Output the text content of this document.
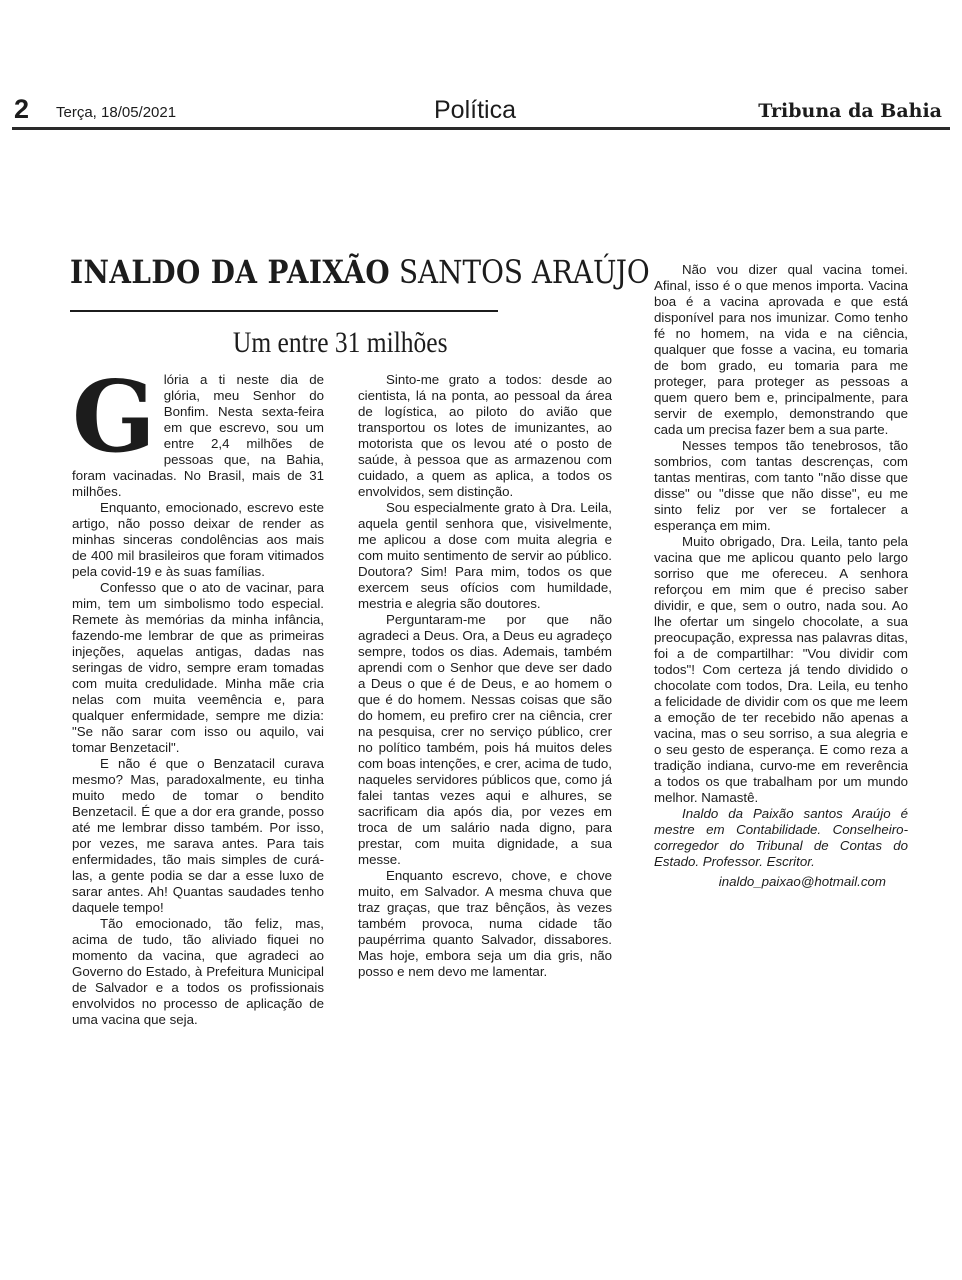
2 Terça, 18/05/2021	Política	Tribuna da Bahia
INALDO DA PAIXÃO SANTOS ARAÚJO
Um entre 31 milhões

Glória a ti neste dia de glória, meu Senhor do Bonfim. Nesta sexta-feira em que escrevo, sou um entre 2,4 milhões de pessoas que, na Bahia, foram vacinadas. No Brasil, mais de 31 milhões.

Enquanto, emocionado, escrevo este artigo, não posso deixar de render as minhas sinceras condolências aos mais de 400 mil brasileiros que foram vitimados pela covid-19 e às suas famílias.

Confesso que o ato de vacinar, para mim, tem um simbolismo todo especial. Remete às memórias da minha infância, fazendo-me lembrar de que as primeiras injeções, aquelas antigas, dadas nas seringas de vidro, sempre eram tomadas com muita credulidade. Minha mãe cria nelas com muita veemência e, para qualquer enfermidade, sempre me dizia: "Se não sarar com isso ou aquilo, vai tomar Benzetacil".

E não é que o Benzatacil curava mesmo? Mas, paradoxalmente, eu tinha muito medo de tomar o bendito Benzetacil. É que a dor era grande, posso até me lembrar disso também. Por isso, por vezes, me sarava antes. Para tais enfermidades, tão mais simples de curá-las, a gente podia se dar a esse luxo de sarar antes. Ah! Quantas saudades tenho daquele tempo!

Tão emocionado, tão feliz, mas, acima de tudo, tão aliviado fiquei no momento da vacina, que agradeci ao Governo do Estado, à Prefeitura Municipal de Salvador e a todos os profissionais envolvidos no processo de aplicação de uma vacina que seja.

Sinto-me grato a todos: desde ao cientista, lá na ponta, ao pessoal da área de logística, ao piloto do avião que transportou os lotes de imunizantes, ao motorista que os levou até o posto de saúde, à pessoa que as armazenou com cuidado, a quem as aplica, a todos os envolvidos, sem distinção.

Sou especialmente grato à Dra. Leila, aquela gentil senhora que, visivelmente, me aplicou a dose com muita alegria e com muito sentimento de servir ao público. Doutora? Sim! Para mim, todos os que exercem seus ofícios com humildade, mestria e alegria são doutores.

Perguntaram-me por que não agradeci a Deus. Ora, a Deus eu agradeço sempre, todos os dias. Ademais, também aprendi com o Senhor que deve ser dado a Deus o que é de Deus, e ao homem o que é do homem. Nessas coisas que são do homem, eu prefiro crer na ciência, crer na pesquisa, crer no serviço público, crer no político também, pois há muitos deles com boas intenções, e crer, acima de tudo, naqueles servidores públicos que, como já falei tantas vezes aqui e alhures, se sacrificam dia após dia, por vezes em troca de um salário nada digno, para prestar, com muita dignidade, a sua messe.

Enquanto escrevo, chove, e chove muito, em Salvador. A mesma chuva que traz graças, que traz bênçãos, às vezes também provoca, numa cidade tão paupérrima quanto Salvador, dissabores. Mas hoje, embora seja um dia gris, não posso e nem devo me lamentar.

Não vou dizer qual vacina tomei. Afinal, isso é o que menos importa. Vacina boa é a vacina aprovada e que está disponível para nos imunizar. Como tenho fé no homem, na vida e na ciência, qualquer que fosse a vacina, eu tomaria de bom grado, eu tomaria para me proteger, para proteger as pessoas a quem quero bem e, principalmente, para servir de exemplo, demonstrando que cada um precisa fazer bem a sua parte.

Nesses tempos tão tenebrosos, tão sombrios, com tantas descrenças, com tantas mentiras, com tanto "não disse que disse" ou "disse que não disse", eu me sinto feliz por ver se fortalecer a esperança em mim.

Muito obrigado, Dra. Leila, tanto pela vacina que me aplicou quanto pelo largo sorriso que me ofereceu. A senhora reforçou em mim que é preciso saber dividir, e que, sem o outro, nada sou. Ao lhe ofertar um singelo chocolate, a sua preocupação, expressa nas palavras ditas, foi a de compartilhar: "Vou dividir com todos"! Com certeza já tendo dividido o chocolate com todos, Dra. Leila, eu tenho a felicidade de dividir com os que me leem a emoção de ter recebido não apenas a vacina, mas o seu sorriso, a sua alegria e o seu gesto de esperança. E como reza a tradição indiana, curvo-me em reverência a todos os que trabalham por um mundo melhor. Namastê.

Inaldo da Paixão santos Araújo é mestre em Contabilidade. Conselheiro-corregedor do Tribunal de Contas do Estado. Professor. Escritor.

inaldo_paixao@hotmail.com
